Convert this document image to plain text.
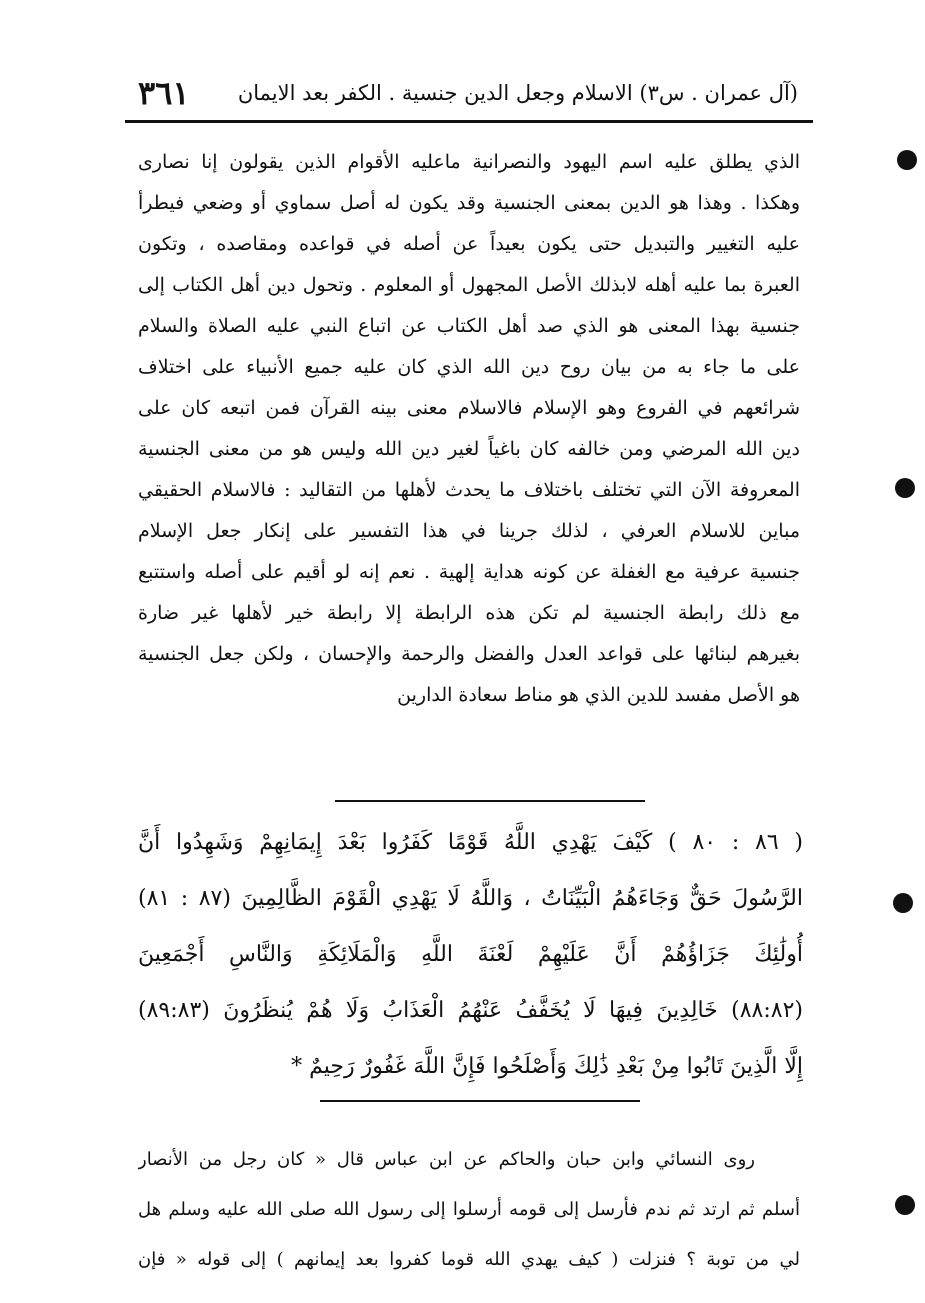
(آل عمران . س٣) الاسلام وجعل الدين جنسية . الكفر بعد الايمان
٣٦١
الذي يطلق عليه اسم اليهود والنصرانية ماعليه الأقوام الذين يقولون إنا نصارى
وهكذا . وهذا هو الدين بمعنى الجنسية وقد يكون له أصل سماوي أو وضعي فيطرأ
عليه التغيير والتبديل حتى يكون بعيداً عن أصله في قواعده ومقاصده ، وتكون
العبرة بما عليه أهله لابذلك الأصل المجهول أو المعلوم . وتحول دين أهل الكتاب إلى
جنسية بهذا المعنى هو الذي صد أهل الكتاب عن اتباع النبي عليه الصلاة والسلام
على ما جاء به من بيان روح دين الله الذي كان عليه جميع الأنبياء على اختلاف
شرائعهم في الفروع وهو الإسلام فالاسلام معنى بينه القرآن فمن اتبعه كان على
دين الله المرضي ومن خالفه كان باغياً لغير دين الله وليس هو من معنى الجنسية
المعروفة الآن التي تختلف باختلاف ما يحدث لأهلها من التقاليد : فالاسلام الحقيقي
مباين للاسلام العرفي ، لذلك جرينا في هذا التفسير على إنكار جعل الإسلام
جنسية عرفية مع الغفلة عن كونه هداية إلهية . نعم إنه لو أقيم على أصله واستتبع
مع ذلك رابطة الجنسية لم تكن هذه الرابطة إلا رابطة خير لأهلها غير ضارة
بغيرهم لبنائها على قواعد العدل والفضل والرحمة والإحسان ، ولكن جعل الجنسية
هو الأصل مفسد للدين الذي هو مناط سعادة الدارين
( ٨٦ : ٨٠ ) كَيْفَ يَهْدِي اللَّهُ قَوْمًا كَفَرُوا بَعْدَ إِيمَانِهِمْ وَشَهِدُوا أَنَّ
الرَّسُولَ حَقٌّ وَجَاءَهُمُ الْبَيِّنَاتُ ، وَاللَّهُ لَا يَهْدِي الْقَوْمَ الظَّالِمِينَ (٨٧ : ٨١)
أُولَٰئِكَ جَزَاؤُهُمْ أَنَّ عَلَيْهِمْ لَعْنَةَ اللَّهِ وَالْمَلَائِكَةِ وَالنَّاسِ أَجْمَعِينَ
(٨٨:٨٢) خَالِدِينَ فِيهَا لَا يُخَفَّفُ عَنْهُمُ الْعَذَابُ وَلَا هُمْ يُنظَرُونَ (٨٩:٨٣)
إِلَّا الَّذِينَ تَابُوا مِنْ بَعْدِ ذَٰلِكَ وَأَصْلَحُوا فَإِنَّ اللَّهَ غَفُورٌ رَحِيمٌ *
روى النسائي وابن حبان والحاكم عن ابن عباس قال « كان رجل من الأنصار
أسلم ثم ارتد ثم ندم فأرسل إلى قومه أرسلوا إلى رسول الله صلى الله عليه وسلم هل
لي من توبة ؟ فنزلت ( كيف يهدي الله قوما كفروا بعد إيمانهم ) إلى قوله « فإن
